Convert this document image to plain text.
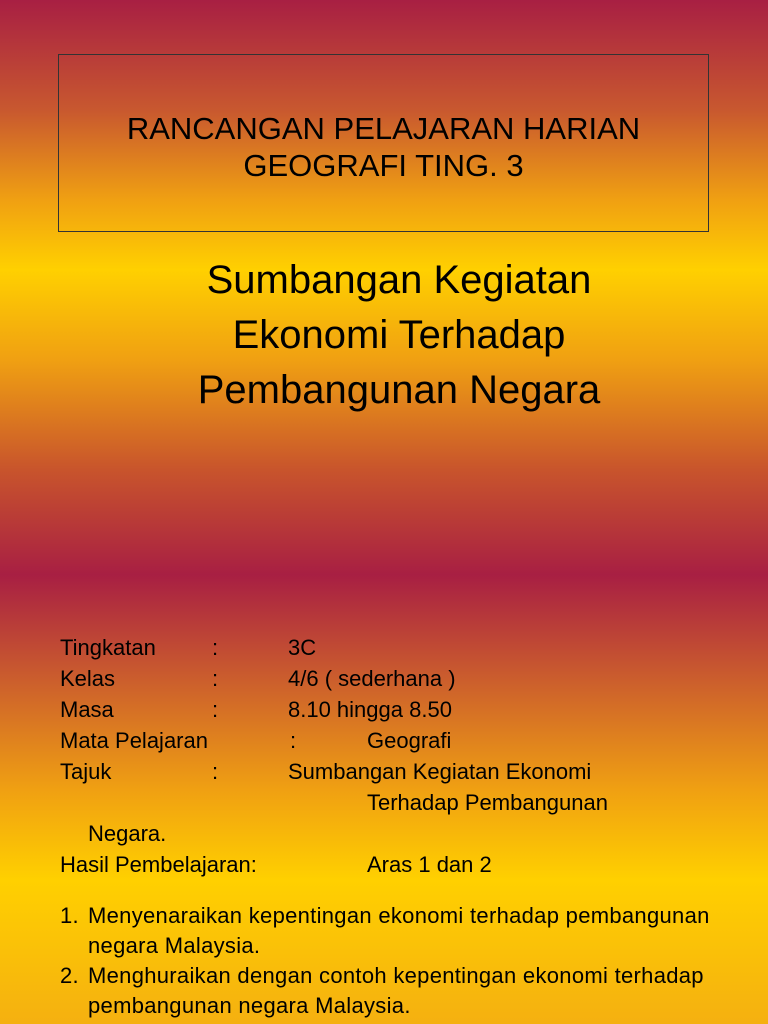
RANCANGAN PELAJARAN HARIAN
GEOGRAFI TING. 3
Sumbangan Kegiatan
Ekonomi Terhadap
Pembangunan Negara
Tingkatan	:	3C
Kelas	:	4/6 ( sederhana )
Masa	:	8.10 hingga 8.50
Mata Pelajaran	:	Geografi
Tajuk	:	Sumbangan Kegiatan Ekonomi
Terhadap Pembangunan
Negara.
Hasil Pembelajaran:	Aras 1 dan 2
1. Menyenaraikan kepentingan ekonomi terhadap pembangunan negara Malaysia.
2. Menghuraikan dengan contoh kepentingan ekonomi terhadap pembangunan negara Malaysia.
